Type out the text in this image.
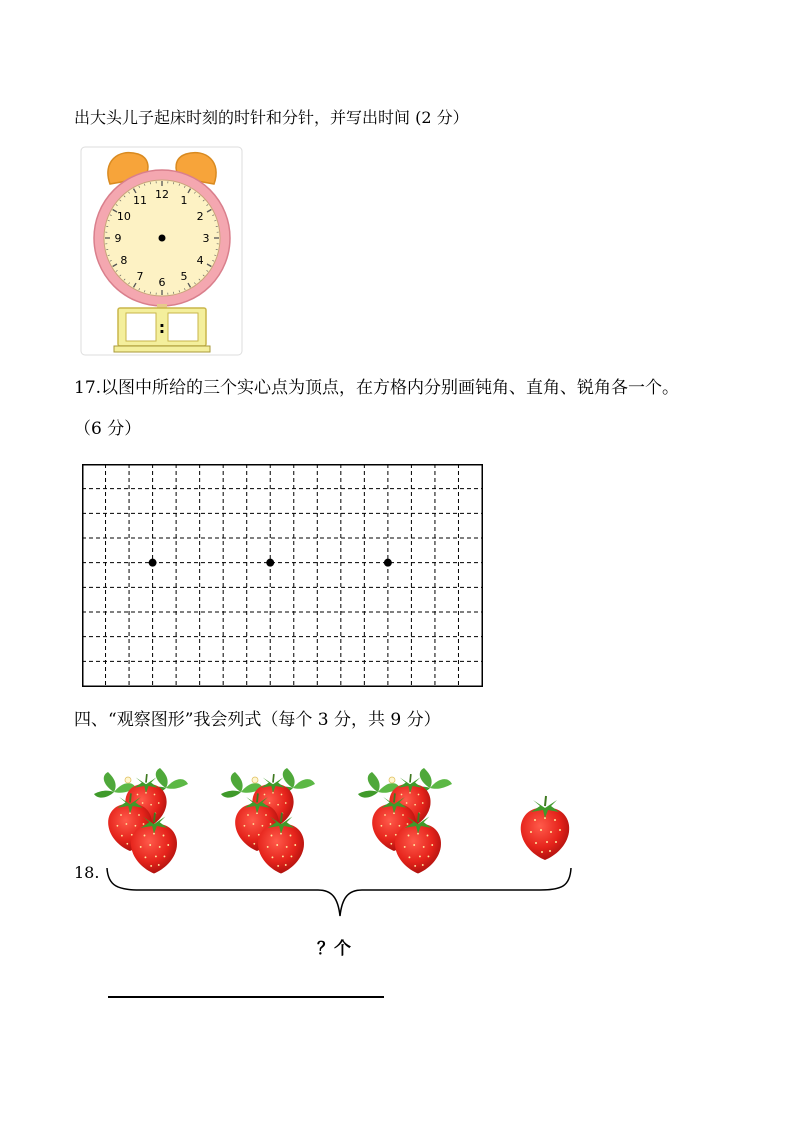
出大头儿子起床时刻的时针和分针，并写出时间 (2 分）
12 1
2
3
4
5
6
7
8
9
10
11
:
17.以图中所给的三个实心点为顶点，在方格内分别画钝角、直角、锐角各一个。
（6 分）
四、“观察图形”我会列式（每个 3 分，共 9 分）
18.
？个
